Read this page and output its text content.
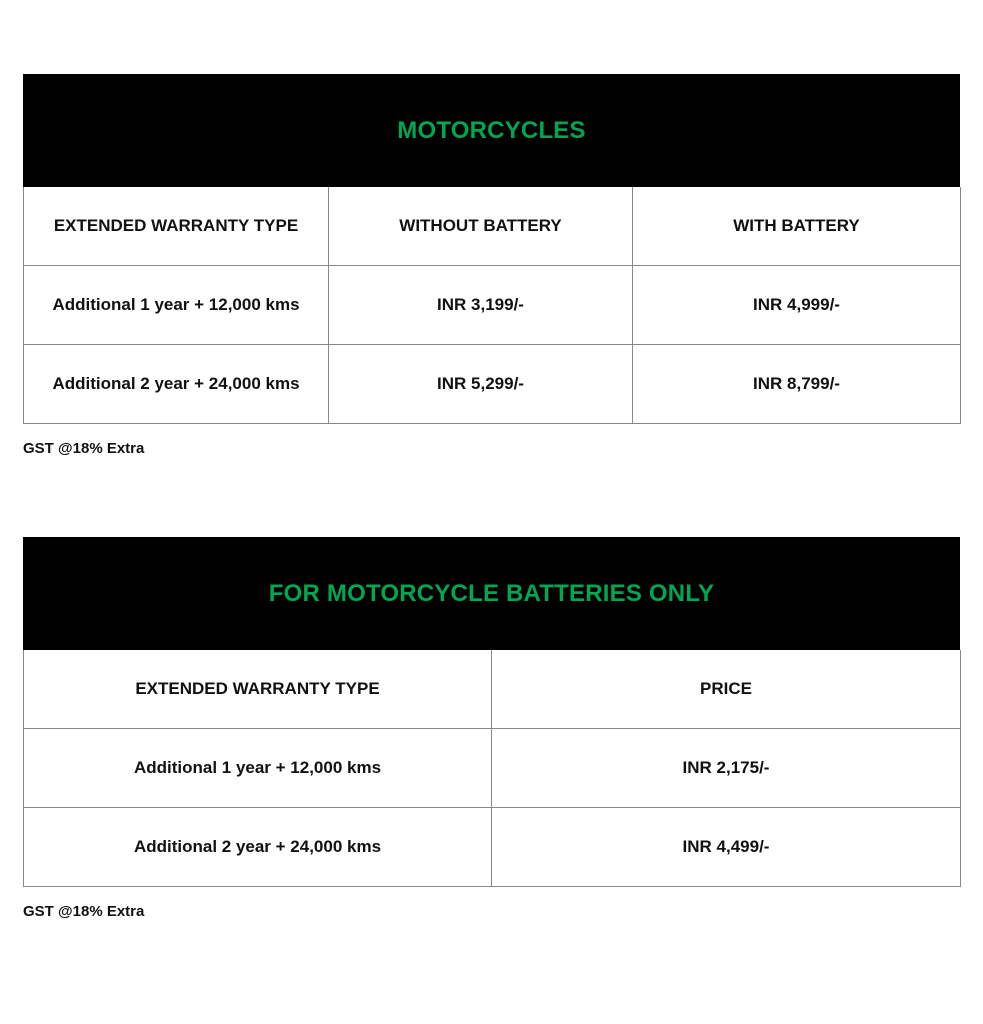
MOTORCYCLES
EXTENDED WARRANTY TYPE	WITHOUT BATTERY	WITH BATTERY
Additional 1 year + 12,000 kms	INR 3,199/-	INR 4,999/-
Additional 2 year + 24,000 kms	INR 5,299/-	INR 8,799/-
GST @18% Extra
FOR MOTORCYCLE BATTERIES ONLY
EXTENDED WARRANTY TYPE	PRICE
Additional 1 year + 12,000 kms	INR 2,175/-
Additional 2 year + 24,000 kms	INR 4,499/-
GST @18% Extra
